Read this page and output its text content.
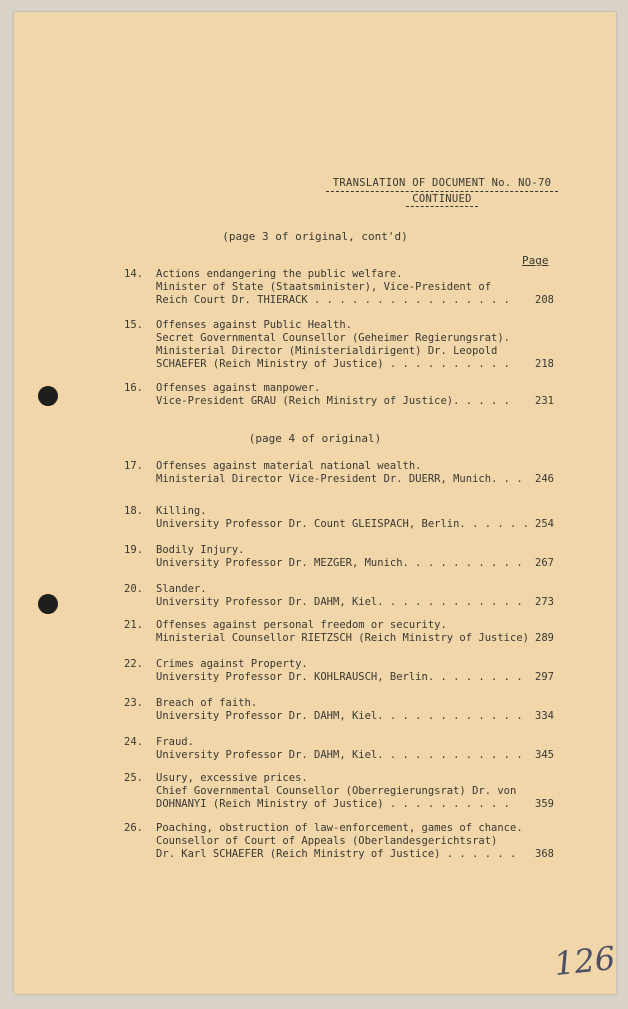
TRANSLATION OF DOCUMENT No. NO-70
CONTINUED
(page 3 of original, cont'd)
Page
14. Actions endangering the public welfare.
Minister of State (Staatsminister), Vice-President of
Reich Court Dr. THIERACK . . . . . . . . . . . . . . . .	208
15. Offenses against Public Health.
Secret Governmental Counsellor (Geheimer Regierungsrat).
Ministerial Director (Ministerialdirigent) Dr. Leopold
SCHAEFER (Reich Ministry of Justice) . . . . . . . . . .	218
16. Offenses against manpower.
Vice-President GRAU (Reich Ministry of Justice). . . . .	231
17. Offenses against material national wealth.
Ministerial Director Vice-President Dr. DUERR, Munich. . .	246
18. Killing.
University Professor Dr. Count GLEISPACH, Berlin. . . . . . 254
19. Bodily Injury.
University Professor Dr. MEZGER, Munich. . . . . . . . . .	267
20. Slander.
University Professor Dr. DAHM, Kiel. . . . . . . . . . . .	273
21. Offenses against personal freedom or security.
Ministerial Counsellor RIETZSCH (Reich Ministry of Justice) 289
22. Crimes against Property.
University Professor Dr. KOHLRAUSCH, Berlin. . . . . . . .	297
23. Breach of faith.
University Professor Dr. DAHM, Kiel. . . . . . . . . . . .	334
24. Fraud.
University Professor Dr. DAHM, Kiel. . . . . . . . . . . .	345
25. Usury, excessive prices.
Chief Governmental Counsellor (Oberregierungsrat) Dr. von
DOHNANYI (Reich Ministry of Justice) . . . . . . . . . .	359
26. Poaching, obstruction of law-enforcement, games of chance.
Counsellor of Court of Appeals (Oberlandesgerichtsrat)
Dr. Karl SCHAEFER (Reich Ministry of Justice) . . . . . .	368
(page 4 of original)
126
